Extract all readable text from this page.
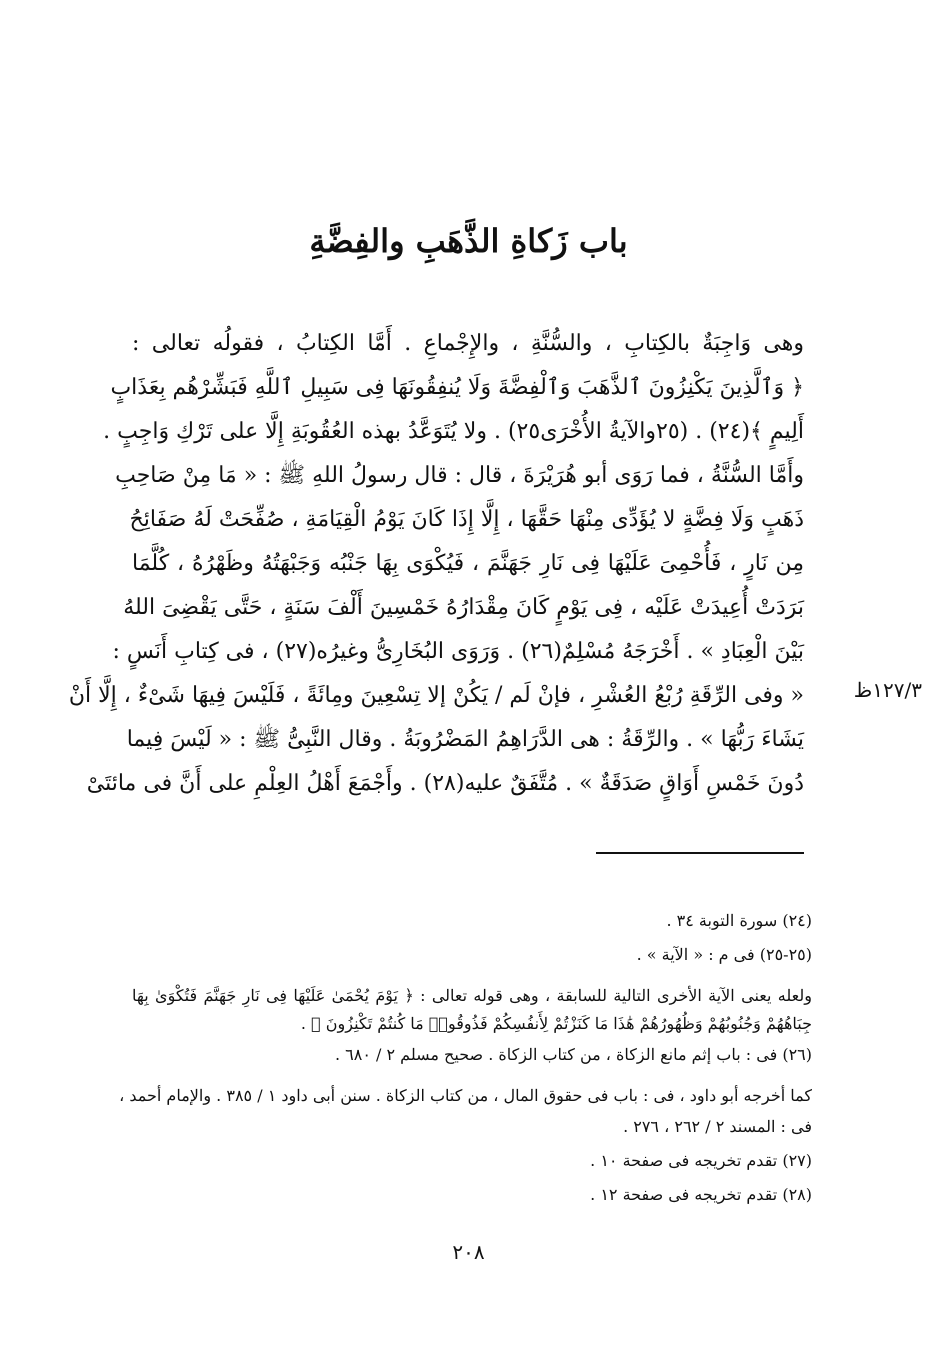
باب زَكاةِ الذَّهَبِ والفِضَّةِ
وهى وَاجِبَةٌ بالكِتابِ ، والسُّنَّةِ ، والإِجْماعِ . أَمَّا الكِتابُ ، فقولُه تعالى :
﴿ وَٱلَّذِينَ يَكْنِزُونَ ٱلذَّهَبَ وَٱلْفِضَّةَ وَلَا يُنفِقُونَهَا فِى سَبِيلِ ٱللَّهِ فَبَشِّرْهُم بِعَذَابٍ
أَلِيمٍ ﴾(٢٤) . (٢٥والآيةُ الأُخْرَى٢٥) . ولا يُتَوَعَّدُ بهذه العُقُوبَةِ إِلَّا على تَرْكِ وَاجِبٍ .
وأَمَّا السُّنَّةُ ، فما رَوَى أبو هُرَيْرَةَ ، قال : قال رسولُ اللهِ ﷺ : « مَا مِنْ صَاحِبِ
ذَهَبٍ وَلَا فِضَّةٍ لا يُؤَدِّى مِنْهَا حَقَّهَا ، إِلَّا إِذَا كَانَ يَوْمُ الْقِيَامَةِ ، صُفِّحَتْ لَهُ صَفَائِحُ
مِن نَارٍ ، فَأُحْمِىَ عَلَيْهَا فِى نَارِ جَهَنَّمَ ، فَيُكْوَى بِهَا جَنْبُه وَجَبْهَتُهُ وظَهْرُهُ ، كُلَّمَا
بَرَدَتْ أُعِيدَتْ عَلَيْه ، فِى يَوْمٍ كَانَ مِقْدَارُهُ خَمْسِينَ أَلْفَ سَنَةٍ ، حَتَّى يَقْضِىَ اللهُ
بَيْنَ الْعِبَادِ » . أَخْرَجَهُ مُسْلِمٌ(٢٦) . وَرَوَى البُخَارِىُّ وغيرُه(٢٧) ، فى كِتابِ أَنَسٍ :
« وفى الرِّقَةِ رُبْعُ العُشْرِ ، فإنْ لَم / يَكُنْ إلا تِسْعِينَ ومِائَةً ، فَلَيْسَ فِيهَا شَىْءٌ ، إِلَّا أَنْ
يَشَاءَ رَبُّهَا » . والرِّقَةُ : هى الدَّرَاهِمُ المَضْرُوبَةُ . وقال النَّبِىُّ ﷺ : « لَيْسَ فِيما
دُونَ خَمْسِ أَوَاقٍ صَدَقَةٌ » . مُتَّفَقٌ عليه(٢٨) . وأَجْمَعَ أَهْلُ العِلْمِ على أَنَّ فى مائتَىْ
١٢٧/٣ظ
(٢٤) سورة التوبة ٣٤ .
(٢٥-٢٥) فى م : « الآية » .
ولعله يعنى الآية الأخرى التالية للسابقة ، وهى قوله تعالى : ﴿ يَوْمَ يُحْمَىٰ عَلَيْهَا فِى نَارِ جَهَنَّمَ فَتُكْوَىٰ بِهَا
جِبَاهُهُمْ وَجُنُوبُهُمْ وَظُهُورُهُمْ هَٰذَا مَا كَنَزْتُمْ لِأَنفُسِكُمْ فَذُوقُوا۟ مَا كُنتُمْ تَكْنِزُونَ ﴾ .
(٢٦) فى : باب إثم مانع الزكاة ، من كتاب الزكاة . صحيح مسلم ٢ / ٦٨٠ .
كما أخرجه أبو داود ، فى : باب فى حقوق المال ، من كتاب الزكاة . سنن أبى داود ١ / ٣٨٥ . والإمام أحمد ،
فى : المسند ٢ / ٢٦٢ ، ٢٧٦ .
(٢٧) تقدم تخريجه فى صفحة ١٠ .
(٢٨) تقدم تخريجه فى صفحة ١٢ .
٢٠٨
